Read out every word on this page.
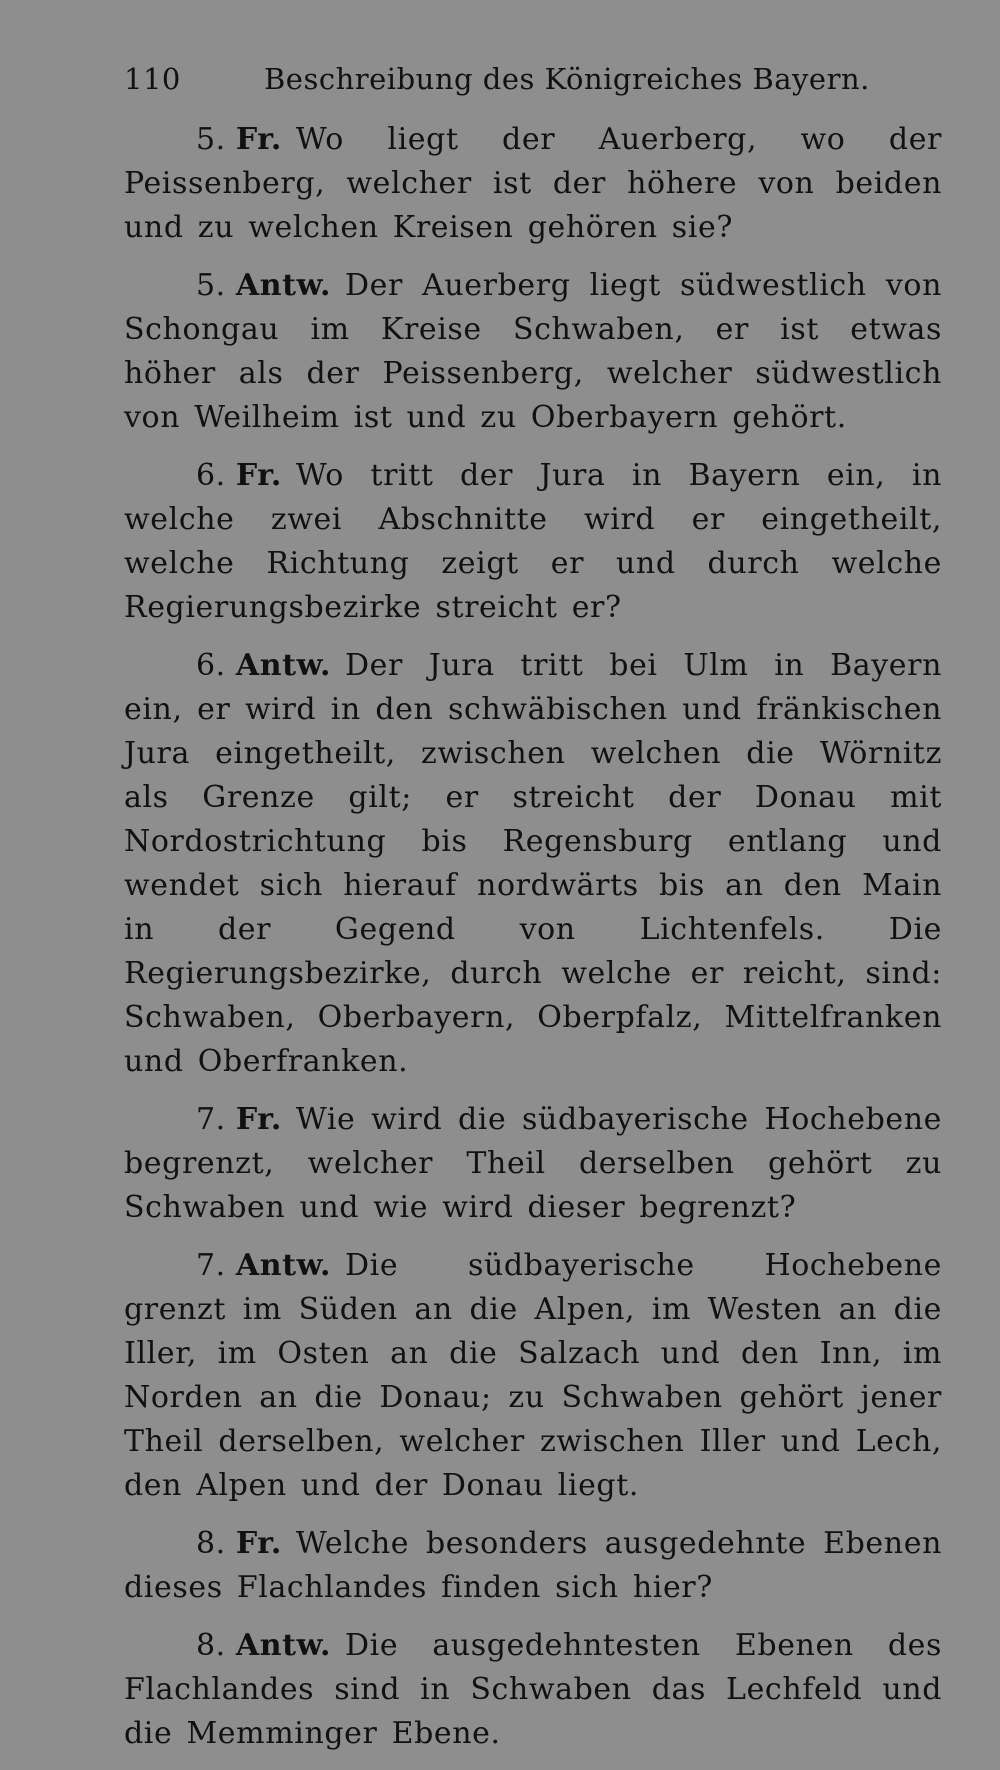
110	Beschreibung des Königreiches Bayern.

5. Fr. Wo liegt der Auerberg, wo der Peissenberg, welcher ist der höhere von beiden und zu welchen Kreisen gehören sie?

5. Antw. Der Auerberg liegt südwestlich von Schongau im Kreise Schwaben, er ist etwas höher als der Peissenberg, welcher südwestlich von Weilheim ist und zu Oberbayern gehört.

6. Fr. Wo tritt der Jura in Bayern ein, in welche zwei Abschnitte wird er eingetheilt, welche Richtung zeigt er und durch welche Regierungsbezirke streicht er?

6. Antw. Der Jura tritt bei Ulm in Bayern ein, er wird in den schwäbischen und fränkischen Jura eingetheilt, zwischen welchen die Wörnitz als Grenze gilt; er streicht der Donau mit Nordostrichtung bis Regensburg entlang und wendet sich hierauf nordwärts bis an den Main in der Gegend von Lichtenfels. Die Regierungsbezirke, durch welche er reicht, sind: Schwaben, Oberbayern, Oberpfalz, Mittelfranken und Oberfranken.

7. Fr. Wie wird die südbayerische Hochebene begrenzt, welcher Theil derselben gehört zu Schwaben und wie wird dieser begrenzt?

7. Antw. Die südbayerische Hochebene grenzt im Süden an die Alpen, im Westen an die Iller, im Osten an die Salzach und den Inn, im Norden an die Donau; zu Schwaben gehört jener Theil derselben, welcher zwischen Iller und Lech, den Alpen und der Donau liegt.

8. Fr. Welche besonders ausgedehnte Ebenen dieses Flachlandes finden sich hier?

8. Antw. Die ausgedehntesten Ebenen des Flachlandes sind in Schwaben das Lechfeld und die Memminger Ebene.
